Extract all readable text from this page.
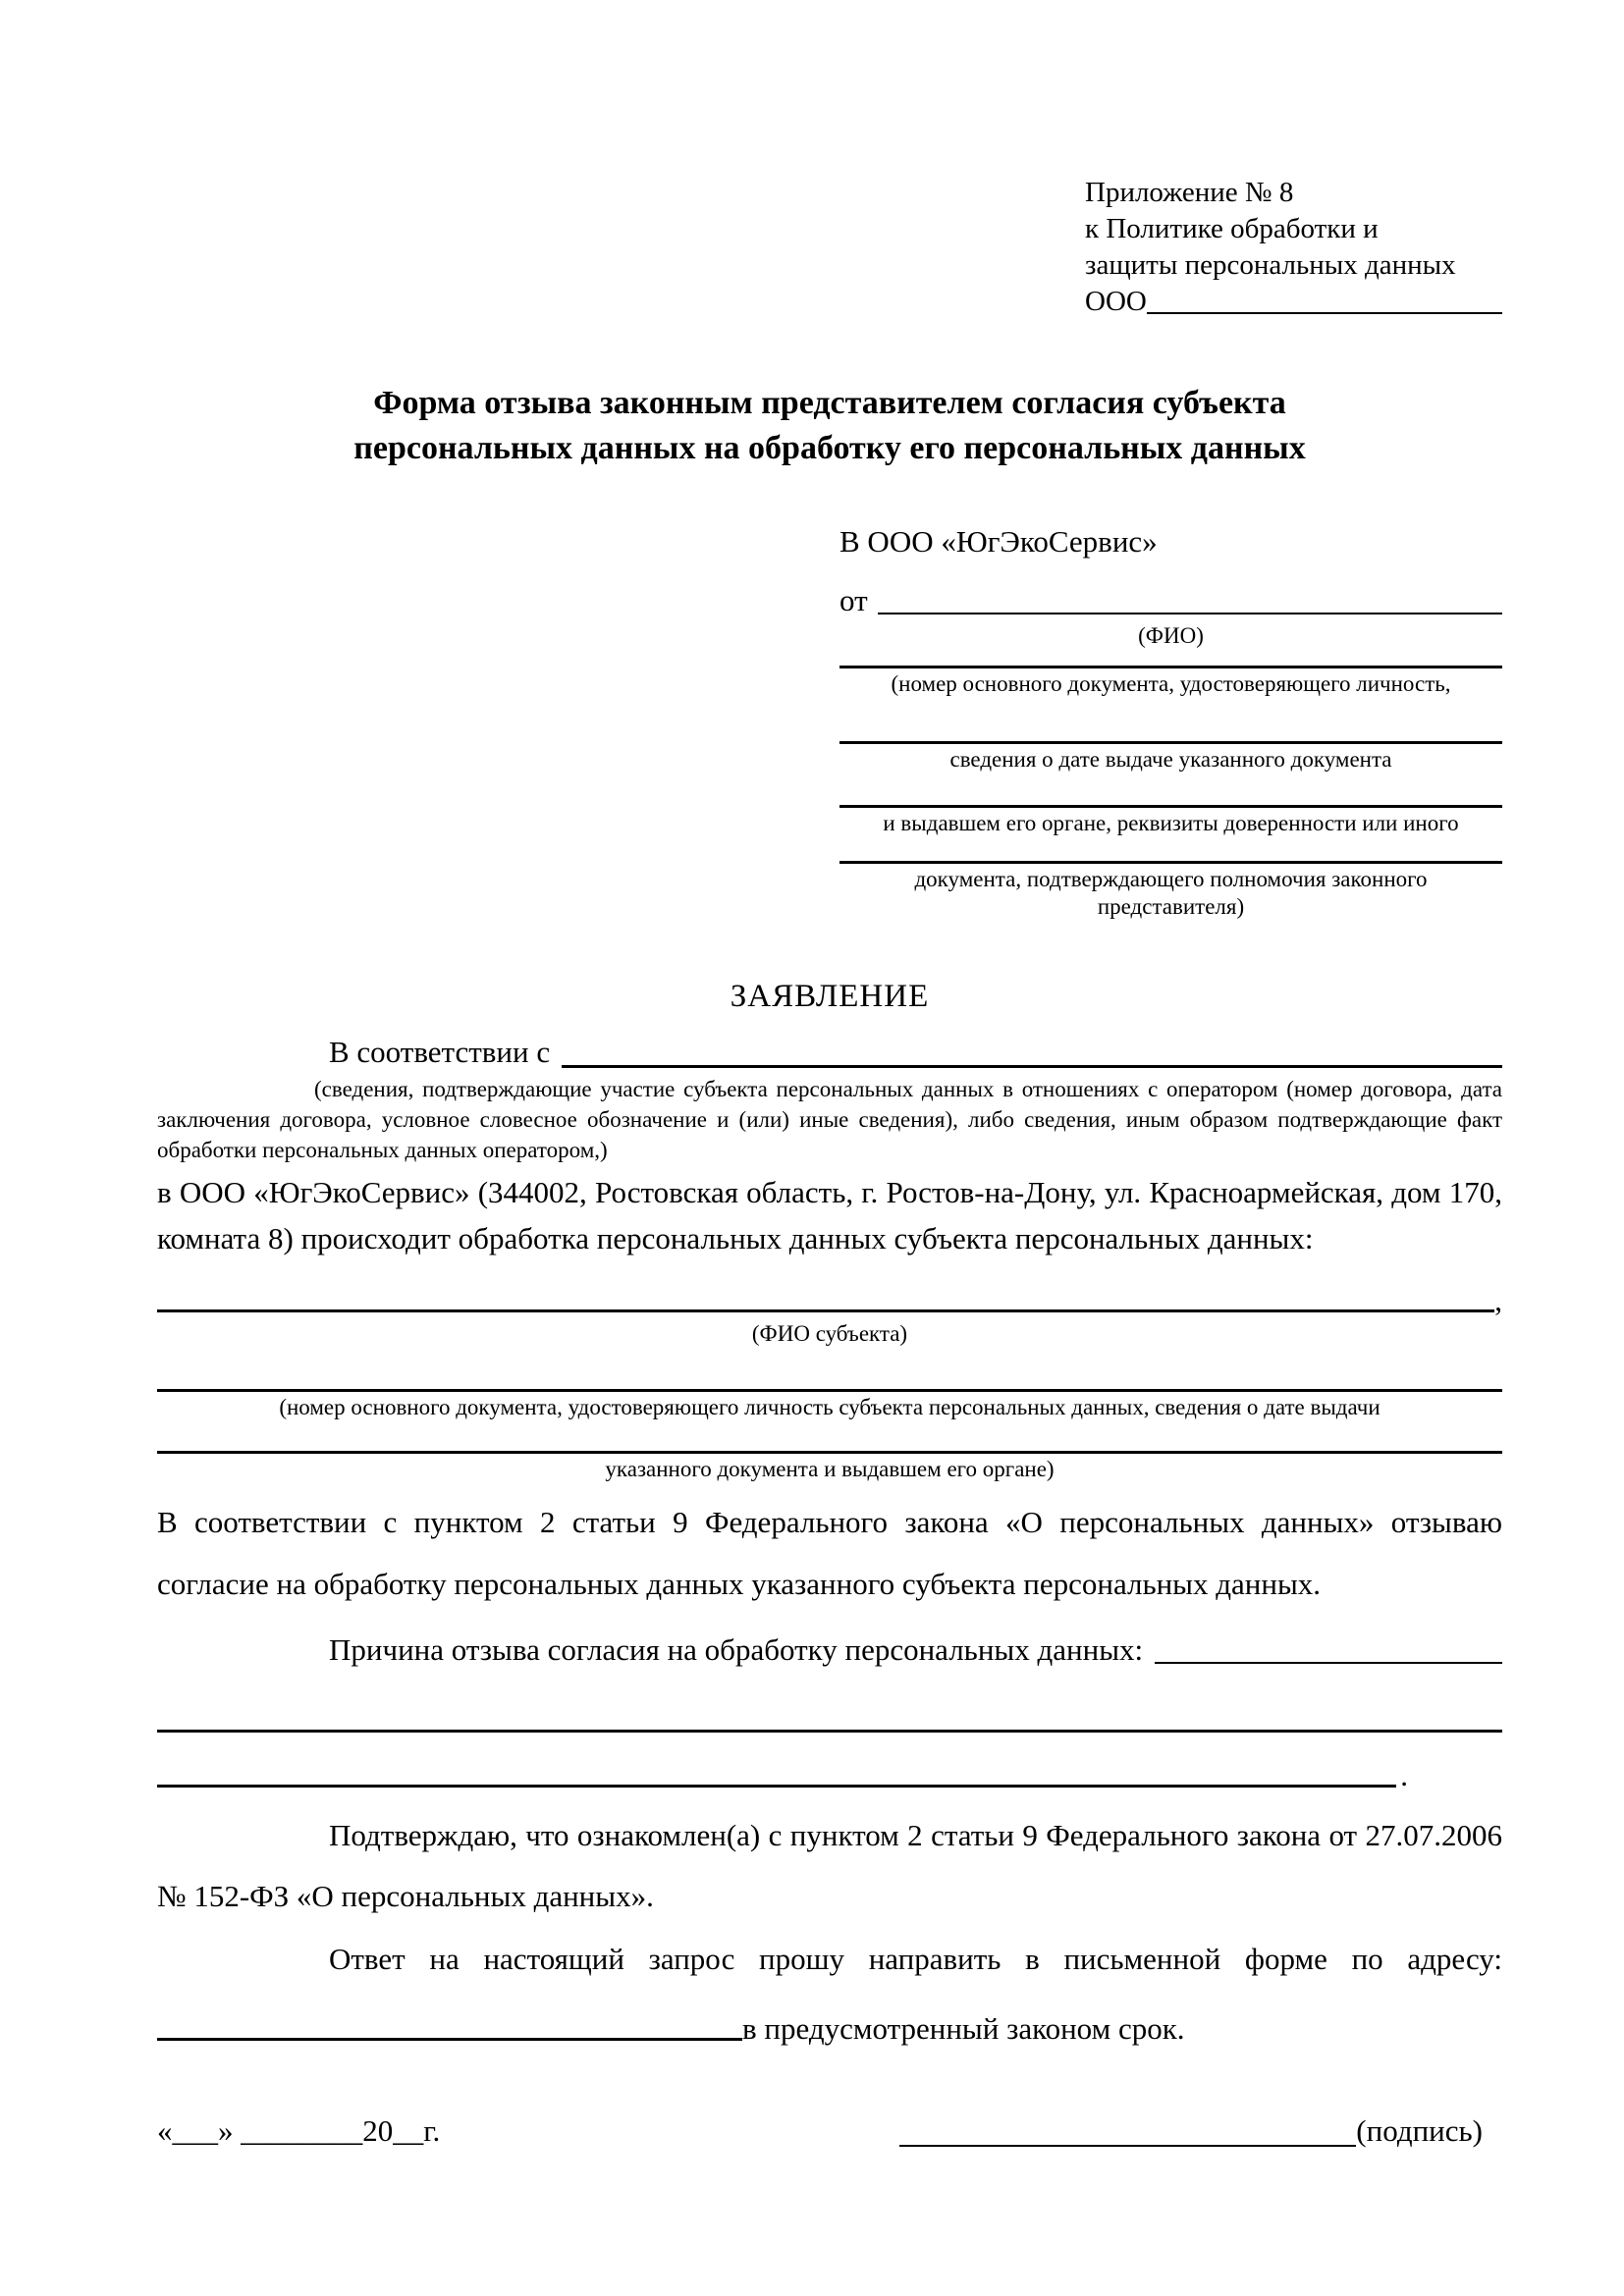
Приложение № 8
к Политике обработки и
защиты персональных данных
ООО
Форма отзыва законным представителем согласия субъекта персональных данных на обработку его персональных данных
В ООО «ЮгЭкоСервис»
от
(ФИО)
(номер основного документа, удостоверяющего личность,
сведения о дате выдаче указанного документа
и выдавшем его органе, реквизиты доверенности или иного
документа, подтверждающего полномочия законного представителя)
ЗАЯВЛЕНИЕ
В соответствии с
(сведения, подтверждающие участие субъекта персональных данных в отношениях с оператором (номер договора, дата заключения договора, условное словесное обозначение и (или) иные сведения), либо сведения, иным образом подтверждающие факт обработки персональных данных оператором,)

в ООО «ЮгЭкоСервис» (344002, Ростовская область, г. Ростов-на-Дону, ул. Красноармейская, дом 170, комната 8) происходит обработка персональных данных субъекта персональных данных:

,
(ФИО субъекта)
(номер основного документа, удостоверяющего личность субъекта персональных данных, сведения о дате выдачи
указанного документа и выдавшем его органе)

В соответствии с пунктом 2 статьи 9 Федерального закона «О персональных данных» отзываю согласие на обработку персональных данных указанного субъекта персональных данных.

Причина отзыва согласия на обработку персональных данных:
.

Подтверждаю, что ознакомлен(а) с пунктом 2 статьи 9 Федерального закона от 27.07.2006 № 152-ФЗ «О персональных данных».

Ответ на настоящий запрос прошу направить в письменной форме по адресу:

в предусмотренный законом срок.
«___» ________20__г.	(подпись)
